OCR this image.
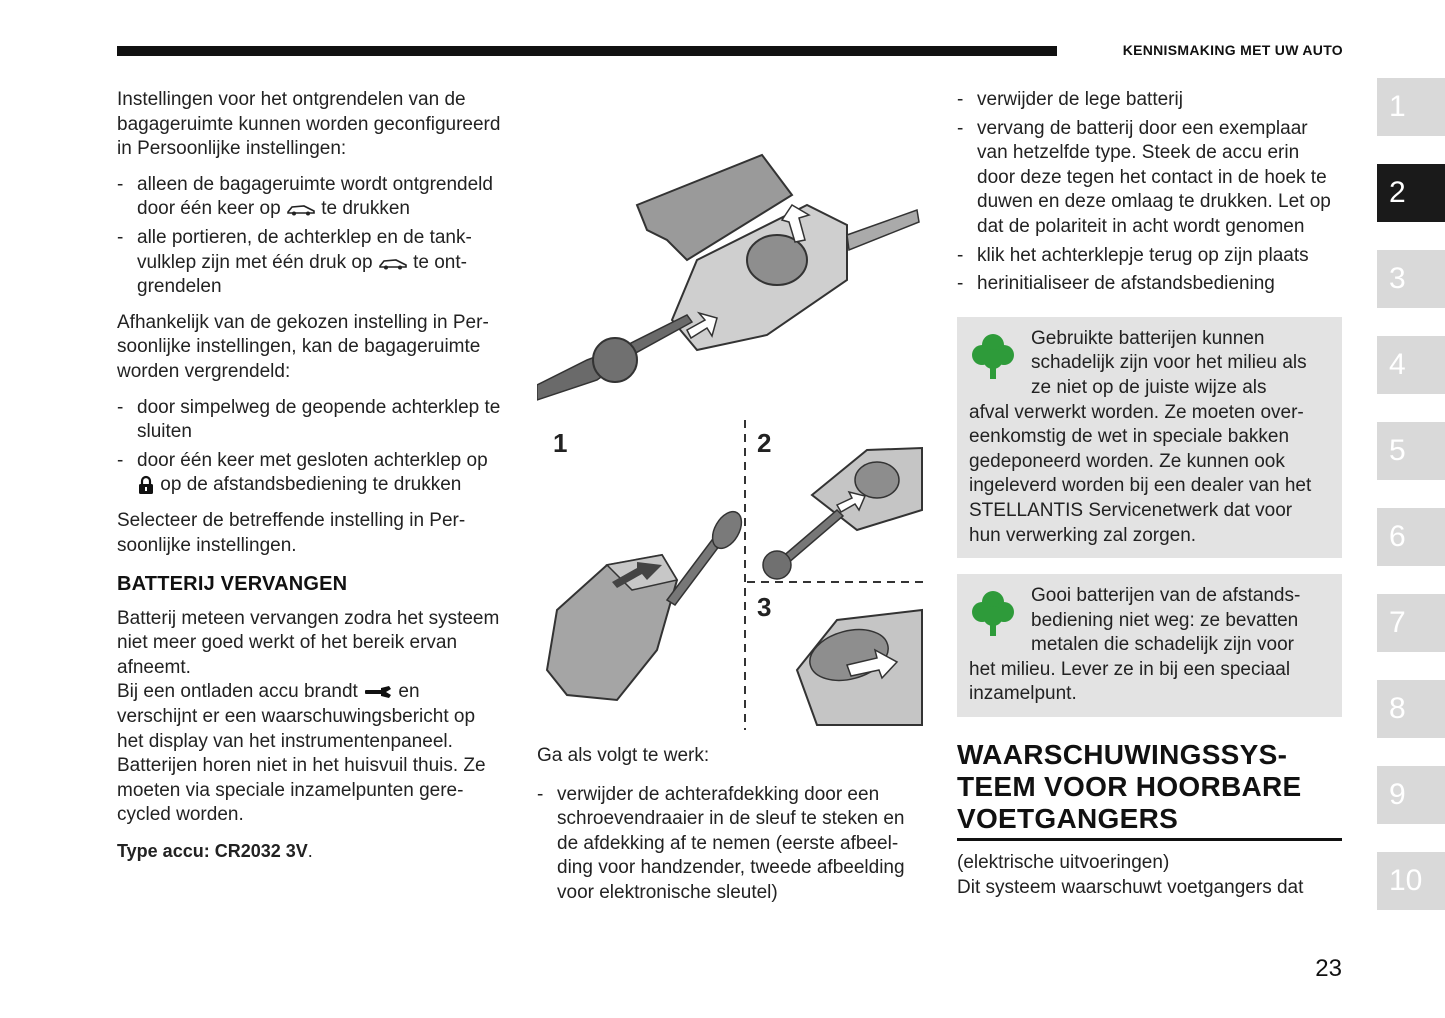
KENNISMAKING MET UW AUTO
1
2
3
4
5
6
7
8
9
10

Instellingen voor het ontgrendelen van de bagageruimte kunnen worden geconfigureerd in Persoonlijke instellingen:

- alleen de bagageruimte wordt ontgrendeld door één keer op te drukken
- alle portieren, de achterklep en de tankvulklep zijn met één druk op te ontgrendelen

Afhankelijk van de gekozen instelling in Persoonlijke instellingen, kan de bagageruimte worden vergrendeld:

- door simpelweg de geopende achterklep te sluiten
- door één keer met gesloten achterklep op
op de afstandsbediening te drukken

Selecteer de betreffende instelling in Persoonlijke instellingen.

BATTERIJ VERVANGEN

Batterij meteen vervangen zodra het systeem niet meer goed werkt of het bereik ervan afneemt.

Bij een ontladen accu brandt en verschijnt er een waarschuwingsbericht op het display van het instrumentenpaneel. Batterijen horen niet in het huisvuil thuis. Ze moeten via speciale inzamelpunten gerecycled worden.

Type accu: CR2032 3V.
1	2
3

Ga als volgt te werk:

- verwijder de achterafdekking door een schroevendraaier in de sleuf te steken en de afdekking af te nemen (eerste afbeelding voor handzender, tweede afbeelding voor elektronische sleutel)
- verwijder de lege batterij
- vervang de batterij door een exemplaar van hetzelfde type. Steek de accu erin door deze tegen het contact in de hoek te duwen en deze omlaag te drukken. Let op dat de polariteit in acht wordt genomen
- klik het achterklepje terug op zijn plaats
- herinitialiseer de afstandsbediening
Gebruikte batterijen kunnen schadelijk zijn voor het milieu als ze niet op de juiste wijze als
afval verwerkt worden. Ze moeten overeenkomstig de wet in speciale bakken gedeponeerd worden. Ze kunnen ook ingeleverd worden bij een dealer van het STELLANTIS Servicenetwerk dat voor hun verwerking zal zorgen.
Gooi batterijen van de afstandsbediening niet weg: ze bevatten metalen die schadelijk zijn voor
het milieu. Lever ze in bij een speciaal inzamelpunt.
WAARSCHUWINGSSYSTEEM VOOR HOORBARE VOETGANGERS
(elektrische uitvoeringen)
Dit systeem waarschuwt voetgangers dat
23
